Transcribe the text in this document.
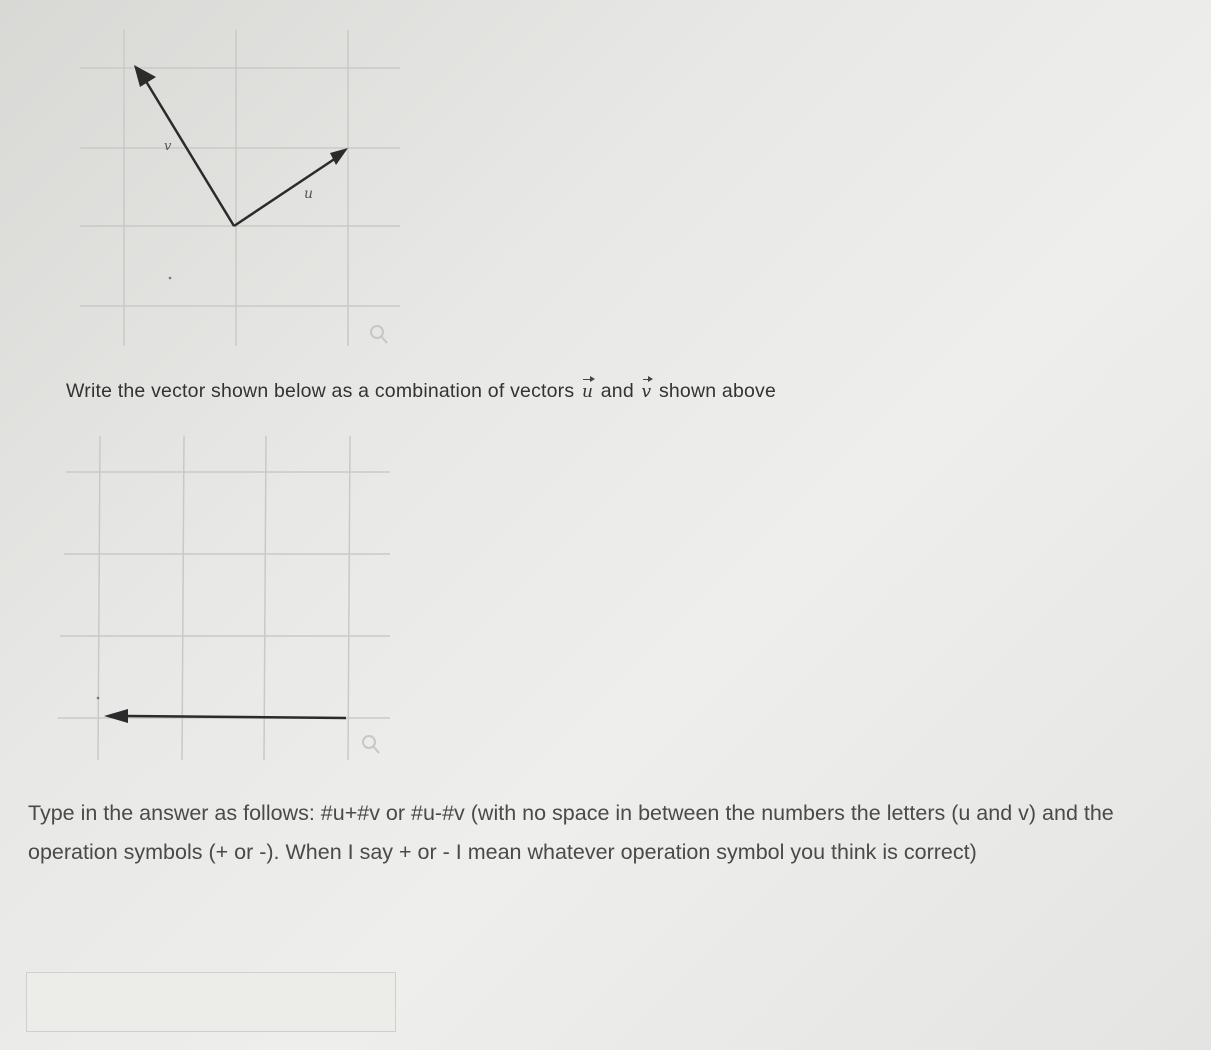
v
u
Write the vector shown below as a combination of vectors u and v shown above
Type in the answer as follows: #u+#v or #u-#v (with no space in between the numbers the letters (u and v) and the operation symbols (+ or -). When I say + or - I mean whatever operation symbol you think is correct)
